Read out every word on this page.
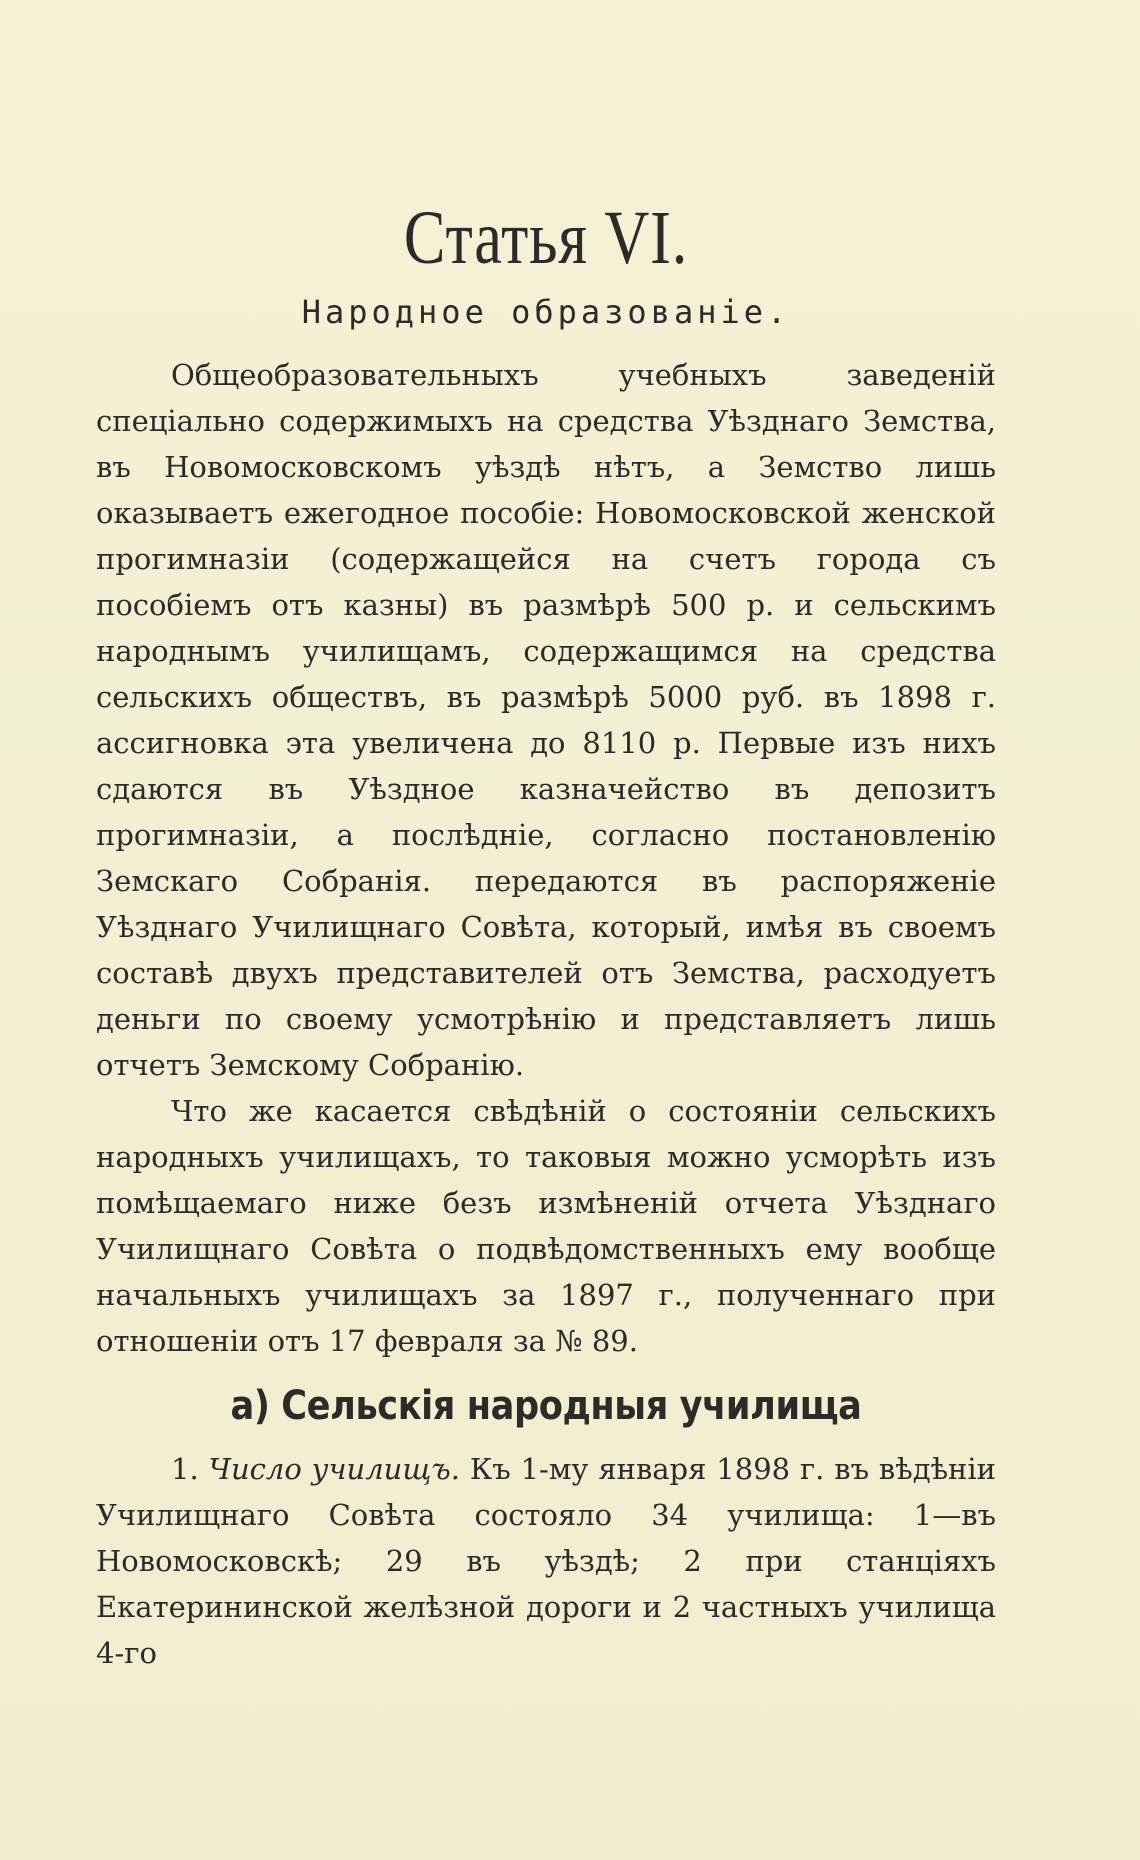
Статья VI.
Народное образованіе.

Общеобразовательныхъ учебныхъ заведеній спеціально содержимыхъ на средства Уѣзднаго Земства, въ Новомосковскомъ уѣздѣ нѣтъ, а Земство лишь оказываетъ ежегодное пособіе: Новомосковской женской прогимназіи (содержащейся на счетъ города съ пособіемъ отъ казны) въ размѣрѣ 500 р. и сельскимъ народнымъ училищамъ, содержащимся на средства сельскихъ обществъ, въ размѣрѣ 5000 руб. въ 1898 г. ассигновка эта увеличена до 8110 р. Первые изъ нихъ сдаются въ Уѣздное казначейство въ депозитъ прогимназіи, а послѣдніе, согласно постановленію Земскаго Собранія. передаются въ распоряженіе Уѣзднаго Училищнаго Совѣта, который, имѣя въ своемъ составѣ двухъ представителей отъ Земства, расходуетъ деньги по своему усмотрѣнію и представляетъ лишь отчетъ Земскому Собранію.

Что же касается свѣдѣній о состояніи сельскихъ народныхъ училищахъ, то таковыя можно усморѣть изъ помѣщаемаго ниже безъ измѣненій отчета Уѣзднаго Училищнаго Совѣта о подвѣдомственныхъ ему вообще начальныхъ училищахъ за 1897 г., полученнаго при отношеніи отъ 17 февраля за № 89.

а) Сельскія народныя училища

1. Число училищъ. Къ 1-му января 1898 г. въ вѣдѣніи Училищнаго Совѣта состояло 34 училища: 1—въ Новомосковскѣ; 29 въ уѣздѣ; 2 при станціяхъ Екатерининской желѣзной дороги и 2 частныхъ училища 4-го
